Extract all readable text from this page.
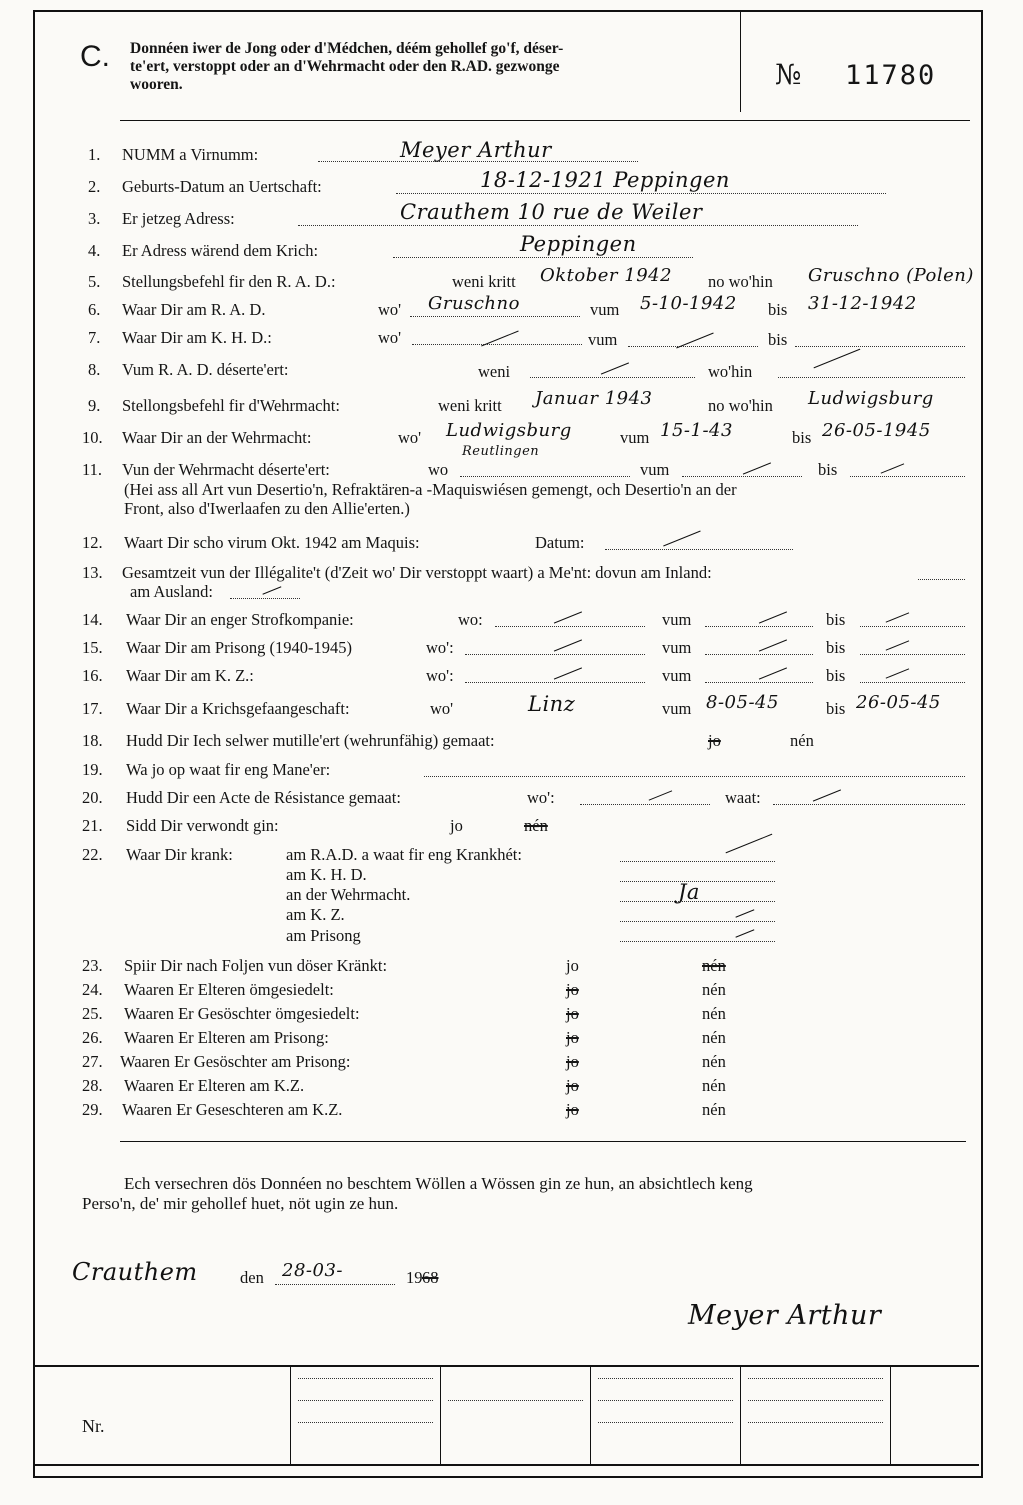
C. Donnéen iwer de Jong oder d'Médchen, déém gehollef go'f, déser-
te'ert, verstoppt oder an d'Wehrmacht oder den R.AD. gezwonge
wooren.	№ 11780
1. NUMM a Virnumm:	Meyer Arthur
2. Geburts-Datum an Uertschaft:	18-12-1921 Peppingen
3. Er jetzeg Adress:	Crauthem 10 rue de Weiler
4. Er Adress wärend dem Krich:	Peppingen
5. Stellungsbefehl fir den R. A. D.:	weni kritt Oktober 1942 no wo'hin Gruschno (Polen)
6. Waar Dir am R. A. D.	wo' Gruschno	vum 5-10-1942 bis 31-12-1942
7. Waar Dir am K. H. D.:	wo'	vum	bis
8. Vum R. A. D. déserte'ert:	weni	wo'hin
9. Stellongsbefehl fir d'Wehrmacht:	weni kritt Januar 1943	no wo'hin Ludwigsburg
10. Waar Dir an der Wehrmacht:	wo' Ludwigsburg
Reutlingen
vum 15-1-43	bis 26-05-1945
11. Vun der Wehrmacht déserte'ert:	wo	vum	bis
(Hei ass all Art vun Desertio'n, Refraktären-a -Maquiswiésen gemengt, och Desertio'n an der
Front, also d'Iwerlaafen zu den Allie'erten.)
12. Waart Dir scho virum Okt. 1942 am Maquis:	Datum:
13. Gesamtzeit vun der Illégalite't (d'Zeit wo' Dir verstoppt waart) a Me'nt: dovun am Inland:
am Ausland:
14. Waar Dir an enger Strofkompanie:	wo:	vum	bis
15. Waar Dir am Prisong (1940-1945)	wo':	vum	bis
16. Waar Dir am K. Z.:	wo':	vum	bis
17. Waar Dir a Krichsgefaangeschaft:	wo'	Linz	vum 8-05-45	bis 26-05-45
18. Hudd Dir Iech selwer mutille'ert (wehrunfähig) gemaat:	jo	nén
19. Wa jo op waat fir eng Mane'er:
20. Hudd Dir een Acte de Résistance gemaat:	wo':	waat:
21. Sidd Dir verwondt gin:	jo	nén
22. Waar Dir krank:	am R.A.D. a waat fir eng Krankhét:
am K. H. D.
an der Wehrmacht.	Ja
am K. Z.
am Prisong
23. Spiir Dir nach Foljen vun döser Kränkt:	jo	nén
24. Waaren Er Elteren ömgesiedelt:	jo	nén
25. Waaren Er Gesöschter ömgesiedelt:	jo	nén
26. Waaren Er Elteren am Prisong:	jo	nén
27. Waaren Er Gesöschter am Prisong:	jo	nén
28. Waaren Er Elteren am K.Z.	jo	nén
29. Waaren Er Geseschteren am K.Z.	jo	nén
Ech versechren dös Donnéen no beschtem Wöllen a Wössen gin ze hun, an absichtlech keng
Perso'n, de' mir gehollef huet, nöt ugin ze hun.
Crauthem	den 28-03-	19 68
Meyer Arthur
Nr.
